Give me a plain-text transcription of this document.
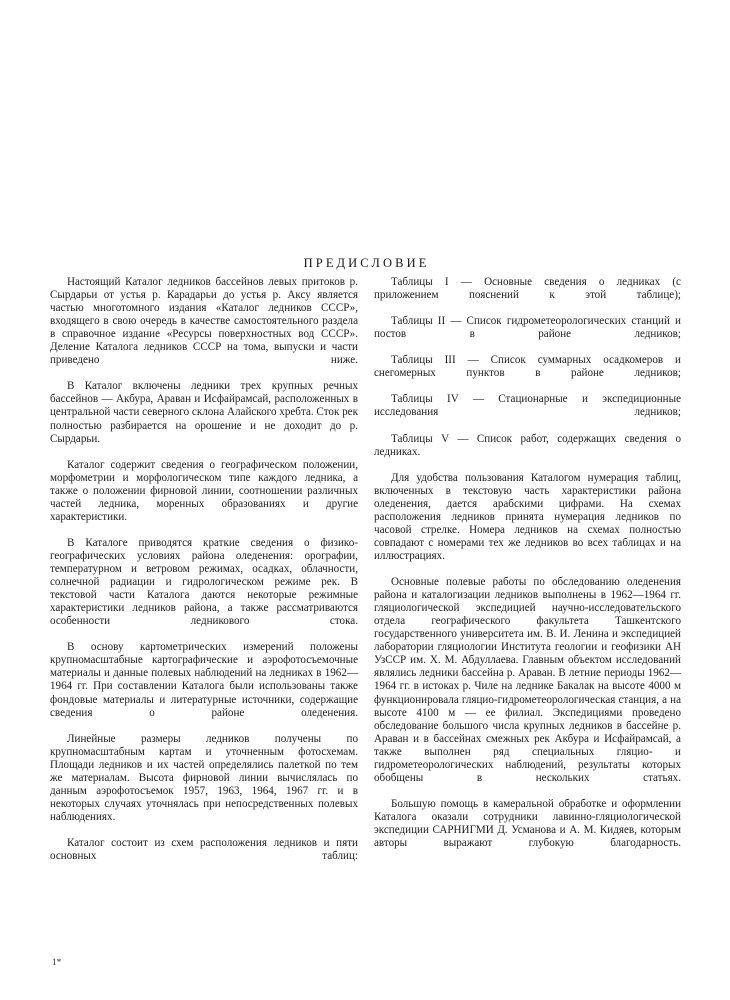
ПРЕДИСЛОВИЕ

Настоящий Каталог ледников бассейнов левых притоков р. Сырдарьи от устья р. Карадарьи до устья р. Аксу является частью многотомного издания «Каталог ледников СССР», входящего в свою очередь в качестве самостоятельного раздела в справочное издание «Ресурсы поверхностных вод СССР». Деление Каталога ледников СССР на тома, выпуски и части приведено ниже.

В Каталог включены ледники трех крупных речных бассейнов — Акбура, Араван и Исфайрамсай, расположенных в центральной части северного склона Алайского хребта. Сток рек полностью разбирается на орошение и не доходит до р. Сырдарьи.

Каталог содержит сведения о географическом положении, морфометрии и морфологическом типе каждого ледника, а также о положении фирновой линии, соотношении различных частей ледника, моренных образованиях и другие характеристики.

В Каталоге приводятся краткие сведения о физико-географических условиях района оледенения: орографии, температурном и ветровом режимах, осадках, облачности, солнечной радиации и гидрологическом режиме рек. В текстовой части Каталога даются некоторые режимные характеристики ледников района, а также рассматриваются особенности ледникового стока.

В основу картометрических измерений положены крупномасштабные картографические и аэрофотосъемочные материалы и данные полевых наблюдений на ледниках в 1962—1964 гг. При составлении Каталога были использованы также фондовые материалы и литературные источники, содержащие сведения о районе оледенения.

Линейные размеры ледников получены по крупномасштабным картам и уточненным фотосхемам. Площади ледников и их частей определялись палеткой по тем же материалам. Высота фирновой линии вычислялась по данным аэрофотосъемок 1957, 1963, 1964, 1967 гг. и в некоторых случаях уточнялась при непосредственных полевых наблюдениях.

Каталог состоит из схем расположения ледников и пяти основных таблиц:

Таблицы I — Основные сведения о ледниках (с приложением пояснений к этой таблице);

Таблицы II — Список гидрометеорологических станций и постов в районе ледников;

Таблицы III — Список суммарных осадкомеров и снегомерных пунктов в районе ледников;

Таблицы IV — Стационарные и экспедиционные исследования ледников;

Таблицы V — Список работ, содержащих сведения о ледниках.

Для удобства пользования Каталогом нумерация таблиц, включенных в текстовую часть характеристики района оледенения, дается арабскими цифрами. На схемах расположения ледников принята нумерация ледников по часовой стрелке. Номера ледников на схемах полностью совпадают с номерами тех же ледников во всех таблицах и на иллюстрациях.

Основные полевые работы по обследованию оледенения района и каталогизации ледников выполнены в 1962—1964 гг. гляциологической экспедицией научно-исследовательского отдела географического факультета Ташкентского государственного университета им. В. И. Ленина и экспедицией лаборатории гляциологии Института геологии и геофизики АН УзССР им. Х. М. Абдуллаева. Главным объектом исследований являлись ледники бассейна р. Араван. В летние периоды 1962—1964 гг. в истоках р. Чиле на леднике Бакалак на высоте 4000 м функционировала гляцио-гидрометеорологическая станция, а на высоте 4100 м — ее филиал. Экспедициями проведено обследование большого числа крупных ледников в бассейне р. Араван и в бассейнах смежных рек Акбура и Исфайрамсай, а также выполнен ряд специальных гляцио- и гидрометеорологических наблюдений, результаты которых обобщены в нескольких статьях.

Большую помощь в камеральной обработке и оформлении Каталога оказали сотрудники лавинно-гляциологической экспедиции САРНИГМИ Д. Усманова и А. М. Кидяев, которым авторы выражают глубокую благодарность.

1*
